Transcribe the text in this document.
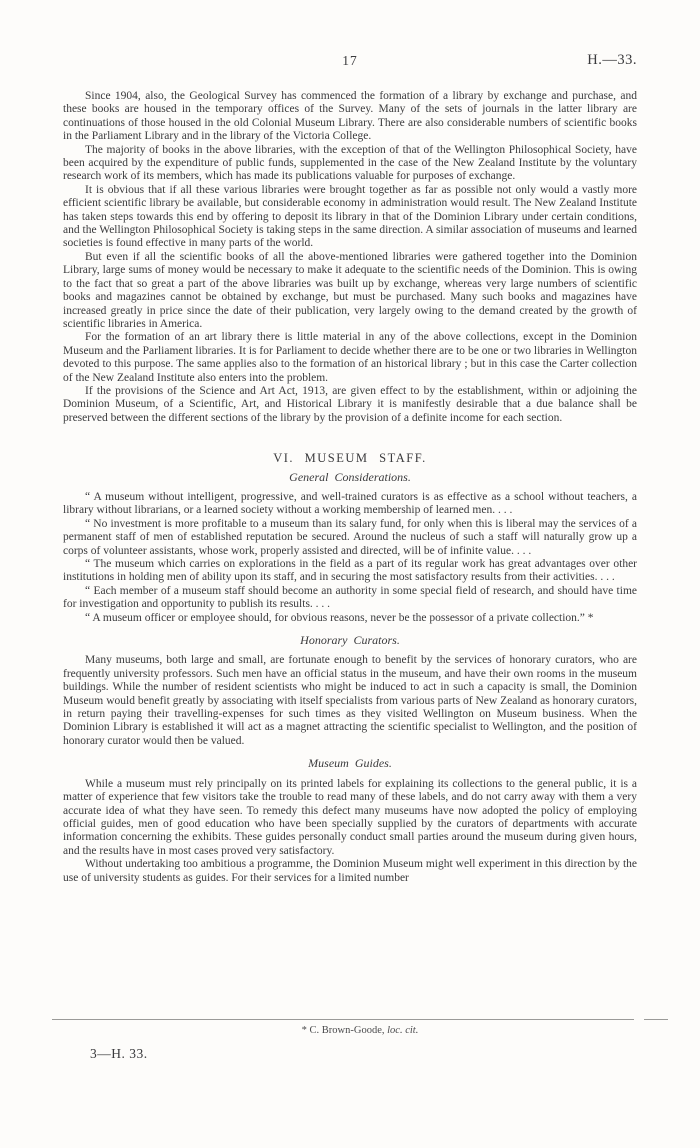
17	H.—33.

Since 1904, also, the Geological Survey has commenced the formation of a library by exchange and purchase, and these books are housed in the temporary offices of the Survey. Many of the sets of journals in the latter library are continuations of those housed in the old Colonial Museum Library. There are also considerable numbers of scientific books in the Parliament Library and in the library of the Victoria College.

The majority of books in the above libraries, with the exception of that of the Wellington Philosophical Society, have been acquired by the expenditure of public funds, supplemented in the case of the New Zealand Institute by the voluntary research work of its members, which has made its publications valuable for purposes of exchange.

It is obvious that if all these various libraries were brought together as far as possible not only would a vastly more efficient scientific library be available, but considerable economy in administration would result. The New Zealand Institute has taken steps towards this end by offering to deposit its library in that of the Dominion Library under certain conditions, and the Wellington Philosophical Society is taking steps in the same direction. A similar association of museums and learned societies is found effective in many parts of the world.

But even if all the scientific books of all the above-mentioned libraries were gathered together into the Dominion Library, large sums of money would be necessary to make it adequate to the scientific needs of the Dominion. This is owing to the fact that so great a part of the above libraries was built up by exchange, whereas very large numbers of scientific books and magazines cannot be obtained by exchange, but must be purchased. Many such books and magazines have increased greatly in price since the date of their publication, very largely owing to the demand created by the growth of scientific libraries in America.

For the formation of an art library there is little material in any of the above collections, except in the Dominion Museum and the Parliament libraries. It is for Parliament to decide whether there are to be one or two libraries in Wellington devoted to this purpose. The same applies also to the formation of an historical library ; but in this case the Carter collection of the New Zealand Institute also enters into the problem.

If the provisions of the Science and Art Act, 1913, are given effect to by the establishment, within or adjoining the Dominion Museum, of a Scientific, Art, and Historical Library it is manifestly desirable that a due balance shall be preserved between the different sections of the library by the provision of a definite income for each section.

VI. MUSEUM STAFF.

General Considerations.

“ A museum without intelligent, progressive, and well-trained curators is as effective as a school without teachers, a library without librarians, or a learned society without a working membership of learned men. . . .

“ No investment is more profitable to a museum than its salary fund, for only when this is liberal may the services of a permanent staff of men of established reputation be secured. Around the nucleus of such a staff will naturally grow up a corps of volunteer assistants, whose work, properly assisted and directed, will be of infinite value. . . .

“ The museum which carries on explorations in the field as a part of its regular work has great advantages over other institutions in holding men of ability upon its staff, and in securing the most satisfactory results from their activities. . . .

“ Each member of a museum staff should become an authority in some special field of research, and should have time for investigation and opportunity to publish its results. . . .

“ A museum officer or employee should, for obvious reasons, never be the possessor of a private collection.” *

Honorary Curators.

Many museums, both large and small, are fortunate enough to benefit by the services of honorary curators, who are frequently university professors. Such men have an official status in the museum, and have their own rooms in the museum buildings. While the number of resident scientists who might be induced to act in such a capacity is small, the Dominion Museum would benefit greatly by associating with itself specialists from various parts of New Zealand as honorary curators, in return paying their travelling-expenses for such times as they visited Wellington on Museum business. When the Dominion Library is established it will act as a magnet attracting the scientific specialist to Wellington, and the position of honorary curator would then be valued.

Museum Guides.

While a museum must rely principally on its printed labels for explaining its collections to the general public, it is a matter of experience that few visitors take the trouble to read many of these labels, and do not carry away with them a very accurate idea of what they have seen. To remedy this defect many museums have now adopted the policy of employing official guides, men of good education who have been specially supplied by the curators of departments with accurate information concerning the exhibits. These guides personally conduct small parties around the museum during given hours, and the results have in most cases proved very satisfactory.

Without undertaking too ambitious a programme, the Dominion Museum might well experiment in this direction by the use of university students as guides. For their services for a limited number

* C. Brown-Goode, loc. cit.
3—H. 33.
